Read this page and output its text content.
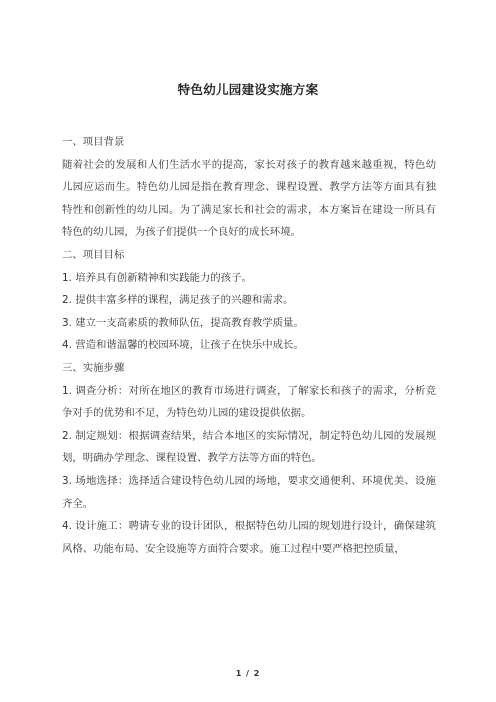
特色幼儿园建设实施方案

一、项目背景

随着社会的发展和人们生活水平的提高，家长对孩子的教育越来越重视，特色幼儿园应运而生。特色幼儿园是指在教育理念、课程设置、教学方法等方面具有独特性和创新性的幼儿园。为了满足家长和社会的需求，本方案旨在建设一所具有特色的幼儿园，为孩子们提供一个良好的成长环境。

二、项目目标

1. 培养具有创新精神和实践能力的孩子。

2. 提供丰富多样的课程，满足孩子的兴趣和需求。

3. 建立一支高素质的教师队伍，提高教育教学质量。

4. 营造和谐温馨的校园环境，让孩子在快乐中成长。

三、实施步骤

1. 调查分析：对所在地区的教育市场进行调查，了解家长和孩子的需求，分析竞争对手的优势和不足，为特色幼儿园的建设提供依据。

2. 制定规划：根据调查结果，结合本地区的实际情况，制定特色幼儿园的发展规划，明确办学理念、课程设置、教学方法等方面的特色。

3. 场地选择：选择适合建设特色幼儿园的场地，要求交通便利、环境优美、设施齐全。

4. 设计施工：聘请专业的设计团队，根据特色幼儿园的规划进行设计，确保建筑风格、功能布局、安全设施等方面符合要求。施工过程中要严格把控质量，

1 / 2
